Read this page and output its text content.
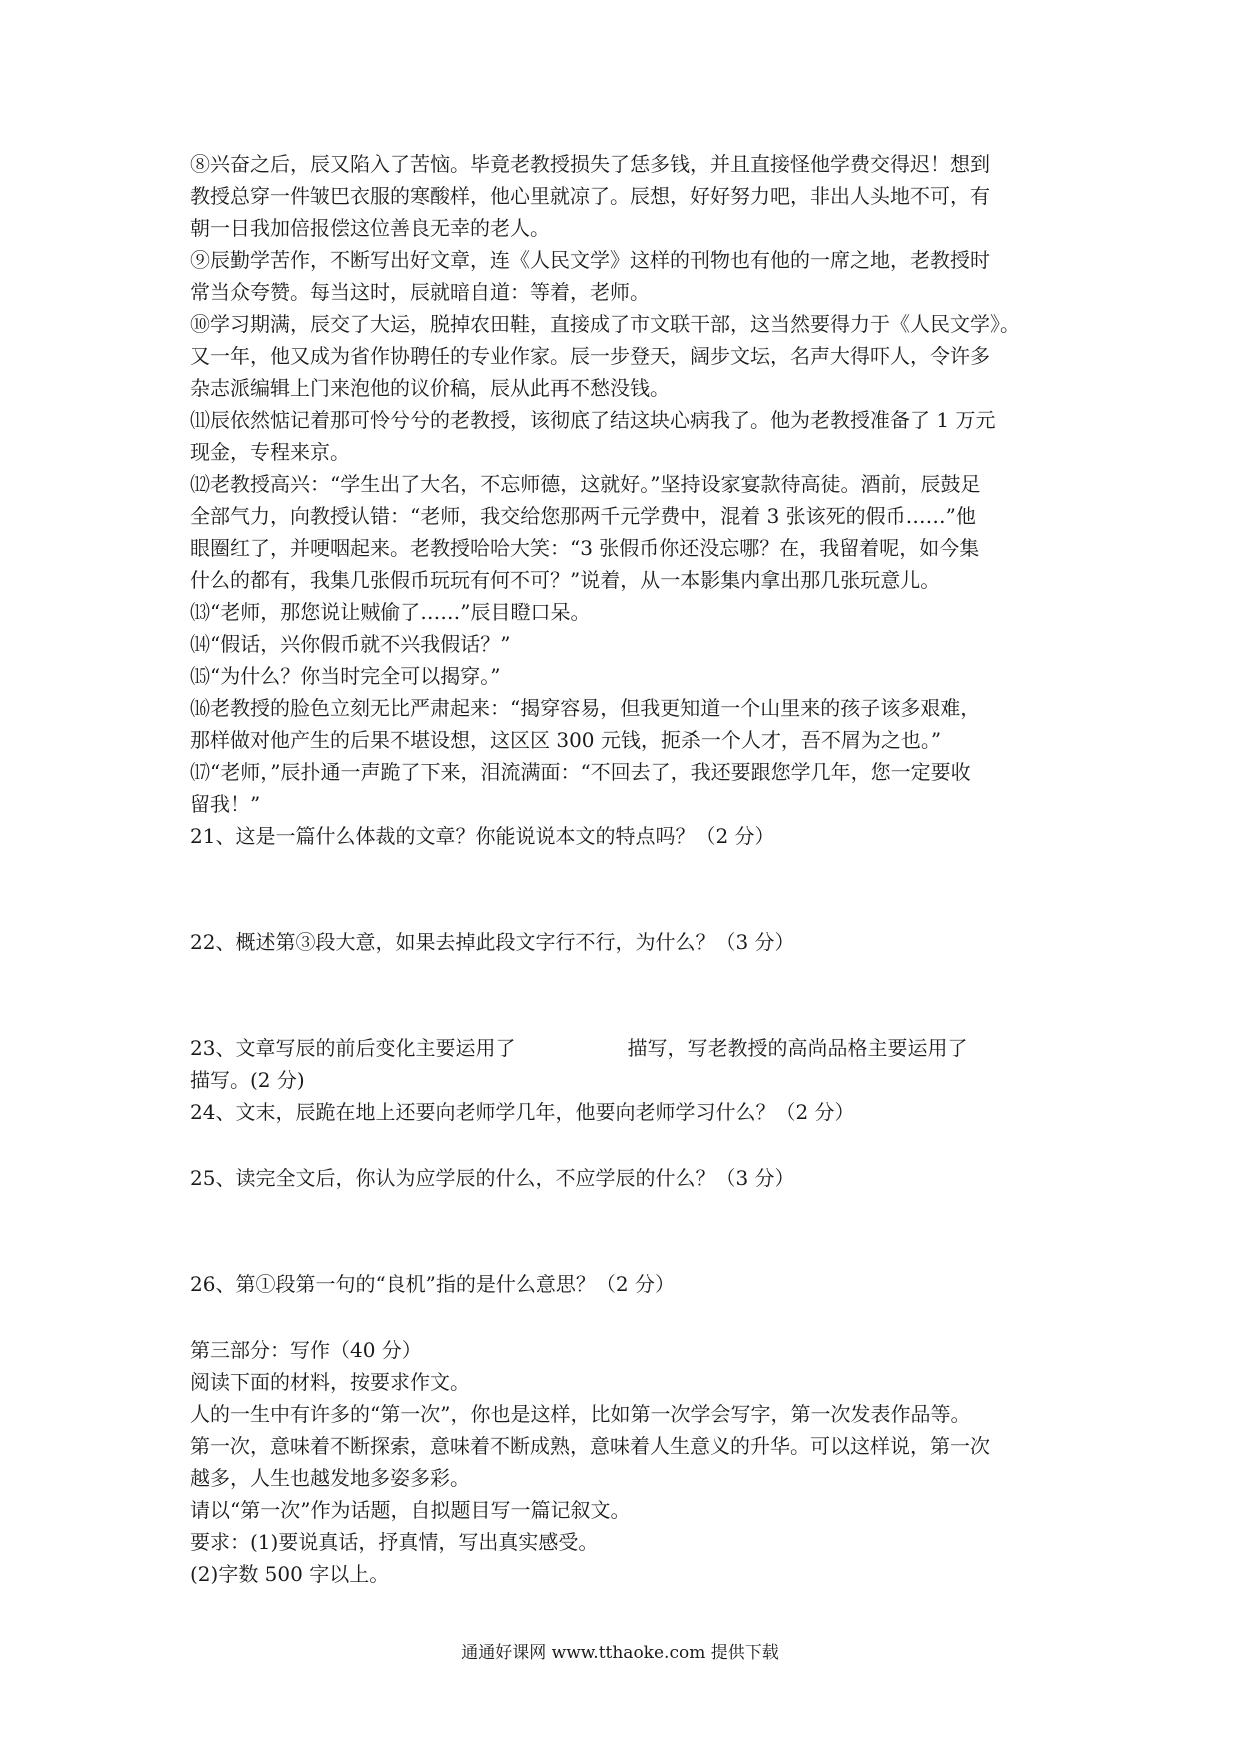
⑧兴奋之后，辰又陷入了苦恼。毕竟老教授损失了恁多钱，并且直接怪他学费交得迟！想到
教授总穿一件皱巴衣服的寒酸样，他心里就凉了。辰想，好好努力吧，非出人头地不可，有
朝一日我加倍报偿这位善良无幸的老人。
⑨辰勤学苦作，不断写出好文章，连《人民文学》这样的刊物也有他的一席之地，老教授时
常当众夸赞。每当这时，辰就暗自道：等着，老师。
⑩学习期满，辰交了大运，脱掉农田鞋，直接成了市文联干部，这当然要得力于《人民文学》。
又一年，他又成为省作协聘任的专业作家。辰一步登天，阔步文坛，名声大得吓人，令许多
杂志派编辑上门来泡他的议价稿，辰从此再不愁没钱。
⑾辰依然惦记着那可怜兮兮的老教授，该彻底了结这块心病我了。他为老教授准备了 1 万元
现金，专程来京。
⑿老教授高兴：“学生出了大名，不忘师德，这就好。”坚持设家宴款待高徒。酒前，辰鼓足
全部气力，向教授认错：“老师，我交给您那两千元学费中，混着 3 张该死的假币……”他
眼圈红了，并哽咽起来。老教授哈哈大笑：“3 张假币你还没忘哪？在，我留着呢，如今集
什么的都有，我集几张假币玩玩有何不可？”说着，从一本影集内拿出那几张玩意儿。
⒀“老师，那您说让贼偷了……”辰目瞪口呆。
⒁“假话，兴你假币就不兴我假话？”
⒂“为什么？你当时完全可以揭穿。”
⒃老教授的脸色立刻无比严肃起来：“揭穿容易，但我更知道一个山里来的孩子该多艰难，
那样做对他产生的后果不堪设想，这区区 300 元钱，扼杀一个人才，吾不屑为之也。”
⒄“老师，”辰扑通一声跪了下来，泪流满面：“不回去了，我还要跟您学几年，您一定要收
留我！”
21、这是一篇什么体裁的文章？你能说说本文的特点吗？（2 分）
22、概述第③段大意，如果去掉此段文字行不行，为什么？（3 分）
23、文章写辰的前后变化主要运用了	描写，写老教授的高尚品格主要运用了
描写。(2 分)
24、文末，辰跪在地上还要向老师学几年，他要向老师学习什么？（2 分）
25、读完全文后，你认为应学辰的什么，不应学辰的什么？（3 分）
26、第①段第一句的“良机”指的是什么意思？（2 分）
第三部分：写作（40 分）
阅读下面的材料，按要求作文。
人的一生中有许多的“第一次”，你也是这样，比如第一次学会写字，第一次发表作品等。
第一次，意味着不断探索，意味着不断成熟，意味着人生意义的升华。可以这样说，第一次
越多，人生也越发地多姿多彩。
请以“第一次”作为话题，自拟题目写一篇记叙文。
要求：(1)要说真话，抒真情，写出真实感受。
(2)字数 500 字以上。
通通好课网 www.tthaoke.com 提供下载
